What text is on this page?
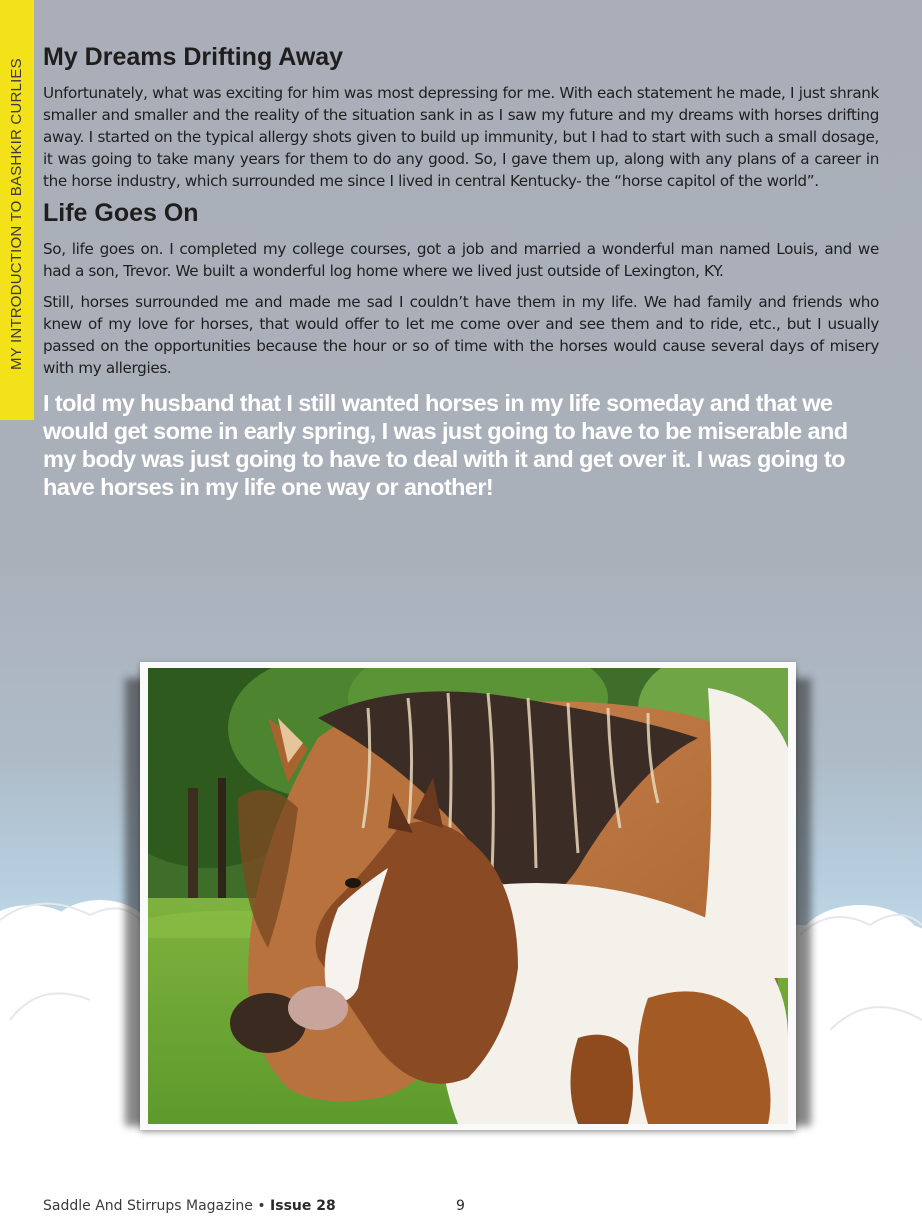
MY INTRODUCTION TO BASHKIR CURLIES
My Dreams Drifting Away

Unfortunately, what was exciting for him was most depressing for me. With each statement he made, I just shrank smaller and smaller and the reality of the situation sank in as I saw my future and my dreams with horses drifting away. I started on the typical allergy shots given to build up immunity, but I had to start with such a small dosage, it was going to take many years for them to do any good. So, I gave them up, along with any plans of a career in the horse industry, which surrounded me since I lived in central Kentucky- the “horse capitol of the world”.

Life Goes On

So, life goes on. I completed my college courses, got a job and married a wonderful man named Louis, and we had a son, Trevor. We built a wonderful log home where we lived just outside of Lexington, KY.

Still, horses surrounded me and made me sad I couldn’t have them in my life. We had family and friends who knew of my love for horses, that would offer to let me come over and see them and to ride, etc., but I usually passed on the opportunities because the hour or so of time with the horses would cause several days of misery with my allergies.

I told my husband that I still wanted horses in my life someday and that we would get some in early spring, I was just going to have to be miserable and my body was just going to have to deal with it and get over it. I was going to have horses in my life one way or another!
Saddle And Stirrups Magazine • Issue 28	9
